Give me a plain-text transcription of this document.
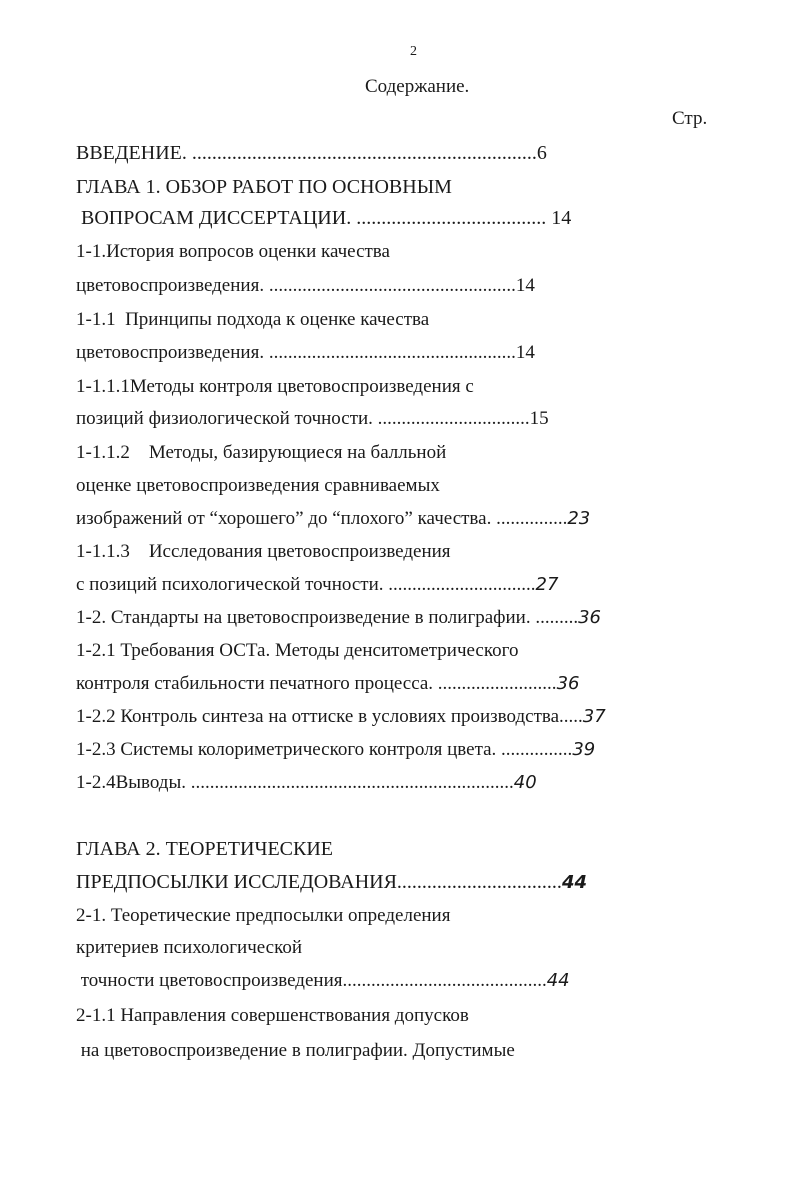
2
Содержание.
Стр.
ВВЕДЕНИЕ. .....................................................................6
ГЛАВА 1. ОБЗОР РАБОТ ПО ОСНОВНЫМ
ВОПРОСАМ ДИССЕРТАЦИИ. ...................................... 14
1-1.История вопросов оценки качества
цветовоспроизведения. ....................................................14
1-1.1  Принципы подхода к оценке качества
цветовоспроизведения. ....................................................14
1-1.1.1Методы контроля цветовоспроизведения с
позиций физиологической точности. ................................15
1-1.1.2    Методы, базирующиеся на балльной
оценке цветовоспроизведения сравниваемых
изображений от “хорошего” до “плохого” качества. ...............23
1-1.1.3    Исследования цветовоспроизведения
с позиций психологической точности. ...............................27
1-2. Стандарты на цветовоспроизведение в полиграфии. .........36
1-2.1 Требования ОСТа. Методы денситометрического
контроля стабильности печатного процесса. .........................36
1-2.2 Контроль синтеза на оттиске в условиях производства.....37
1-2.3 Системы колориметрического контроля цвета. ...............39
1-2.4Выводы. ....................................................................40
ГЛАВА 2. ТЕОРЕТИЧЕСКИЕ
ПРЕДПОСЫЛКИ ИССЛЕДОВАНИЯ.................................44
2-1. Теоретические предпосылки определения
критериев психологической
точности цветовоспроизведения...........................................44
2-1.1 Направления совершенствования допусков
на цветовоспроизведение в полиграфии. Допустимые
